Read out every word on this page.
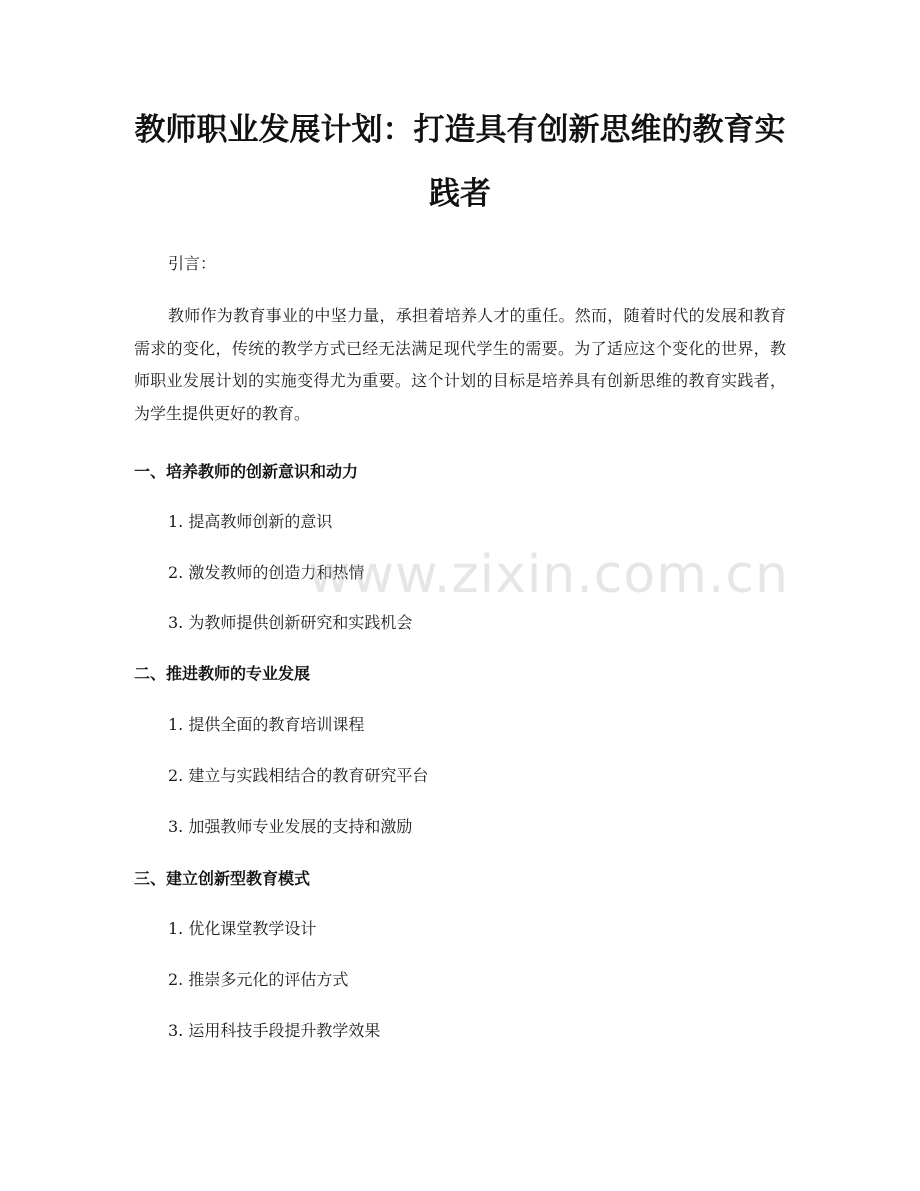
教师职业发展计划：打造具有创新思维的教育实践者

引言：

教师作为教育事业的中坚力量，承担着培养人才的重任。然而，随着时代的发展和教育需求的变化，传统的教学方式已经无法满足现代学生的需要。为了适应这个变化的世界，教师职业发展计划的实施变得尤为重要。这个计划的目标是培养具有创新思维的教育实践者，为学生提供更好的教育。

一、培养教师的创新意识和动力

1. 提高教师创新的意识

2. 激发教师的创造力和热情

3. 为教师提供创新研究和实践机会

二、推进教师的专业发展

1. 提供全面的教育培训课程

2. 建立与实践相结合的教育研究平台

3. 加强教师专业发展的支持和激励

三、建立创新型教育模式

1. 优化课堂教学设计

2. 推崇多元化的评估方式

3. 运用科技手段提升教学效果

www.zixin.com.cn
